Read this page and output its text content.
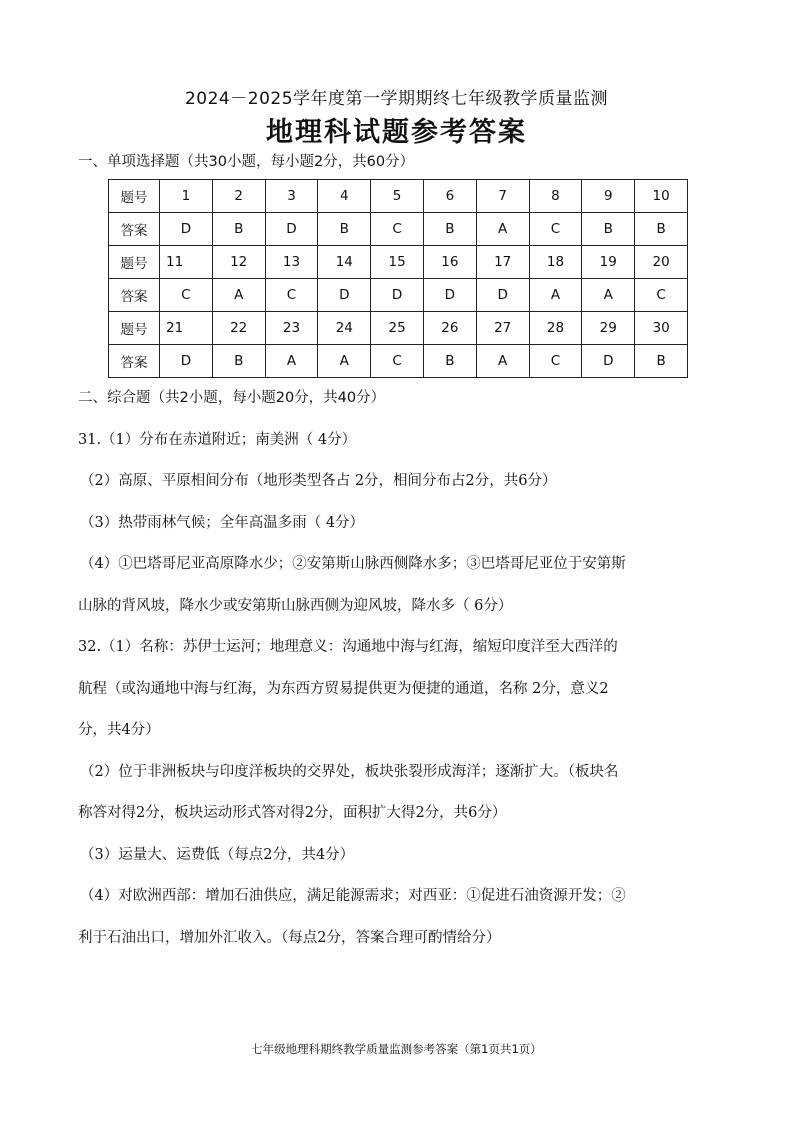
2024－2025学年度第一学期期终七年级教学质量监测
地理科试题参考答案
一、单项选择题（共30小题，每小题2分，共60分）
题号	1	2	3	4	5	6	7	8	9	10
答案	D	B	D	B	C	B	A	C	B	B
题号	11	12	13	14	15	16	17	18	19	20
答案	C	A	C	D	D	D	D	A	A	C
题号	21	22	23	24	25	26	27	28	29	30
答案	D	B	A	A	C	B	A	C	D	B
二、综合题（共2小题，每小题20分，共40分）
31.（1）分布在赤道附近；南美洲（ 4分）
（2）高原、平原相间分布（地形类型各占 2分，相间分布占2分，共6分）
（3）热带雨林气候；全年高温多雨（ 4分）
（4）①巴塔哥尼亚高原降水少；②安第斯山脉西侧降水多；③巴塔哥尼亚位于安第斯
山脉的背风坡，降水少或安第斯山脉西侧为迎风坡，降水多（ 6分）
32.（1）名称：苏伊士运河；地理意义：沟通地中海与红海，缩短印度洋至大西洋的
航程（或沟通地中海与红海，为东西方贸易提供更为便捷的通道，名称 2分，意义2
分，共4分）
（2）位于非洲板块与印度洋板块的交界处，板块张裂形成海洋；逐渐扩大。（板块名
称答对得2分，板块运动形式答对得2分，面积扩大得2分，共6分）
（3）运量大、运费低（每点2分，共4分）
（4）对欧洲西部：增加石油供应，满足能源需求；对西亚：①促进石油资源开发；②
利于石油出口，增加外汇收入。（每点2分，答案合理可酌情给分）
七年级地理科期终教学质量监测参考答案（第1页共1页）
